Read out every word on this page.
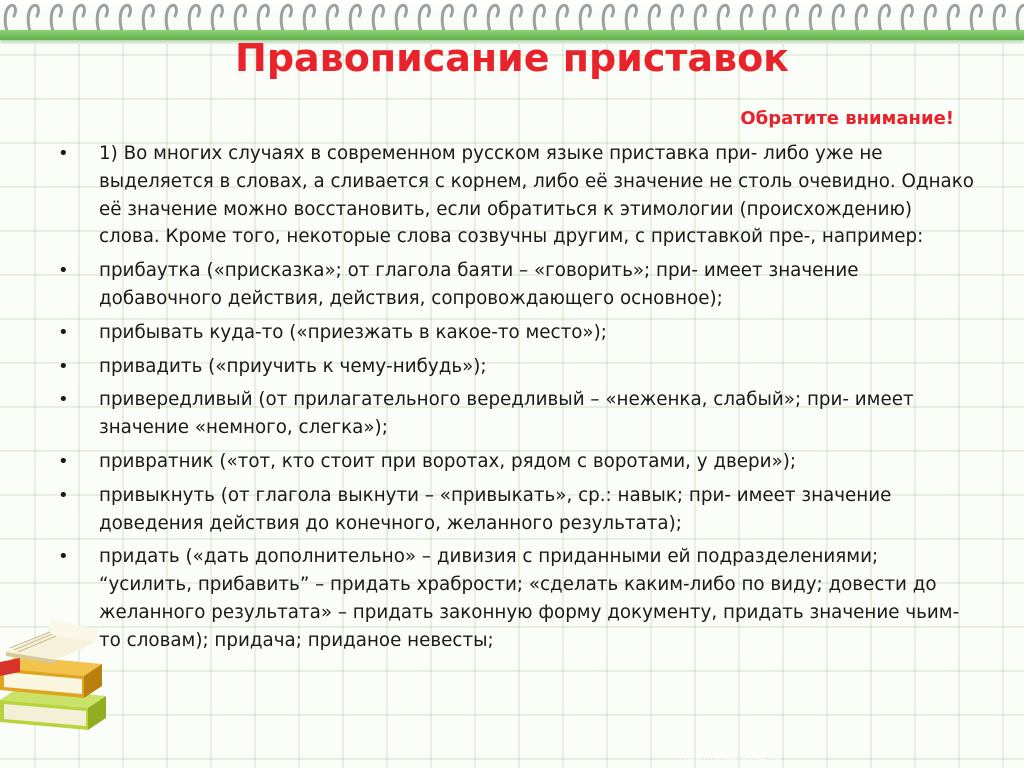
Правописание приставок
Обратите внимание!
• 1) Во многих случаях в современном русском языке приставка при- либо уже не выделяется в словах, а сливается с корнем, либо её значение не столь очевидно. Однако её значение можно восстановить, если обратиться к этимологии (происхождению) слова. Кроме того, некоторые слова созвучны другим, с приставкой пре-, например:
• прибаутка («присказка»; от глагола баяти – «говорить»; при- имеет значение добавочного действия, действия, сопровождающего основное);
• прибывать куда-то («приезжать в какое-то место»);
• привадить («приучить к чему-нибудь»);
• привередливый (от прилагательного вередливый – «неженка, слабый»; при- имеет значение «немного, слегка»);
• привратник («тот, кто стоит при воротах, рядом с воротами, у двери»);
• привыкнуть (от глагола выкнути – «привыкать», ср.: навык; при- имеет значение доведения действия до конечного, желанного результата);
• придать («дать дополнительно» – дивизия с приданными ей подразделениями; “усилить, прибавить” – придать храбрости; «сделать каким-либо по виду; довести до желанного результата» – придать законную форму документу, придать значение чьим-то словам); придача; приданое невесты;
http://aida.ucoz.ru
